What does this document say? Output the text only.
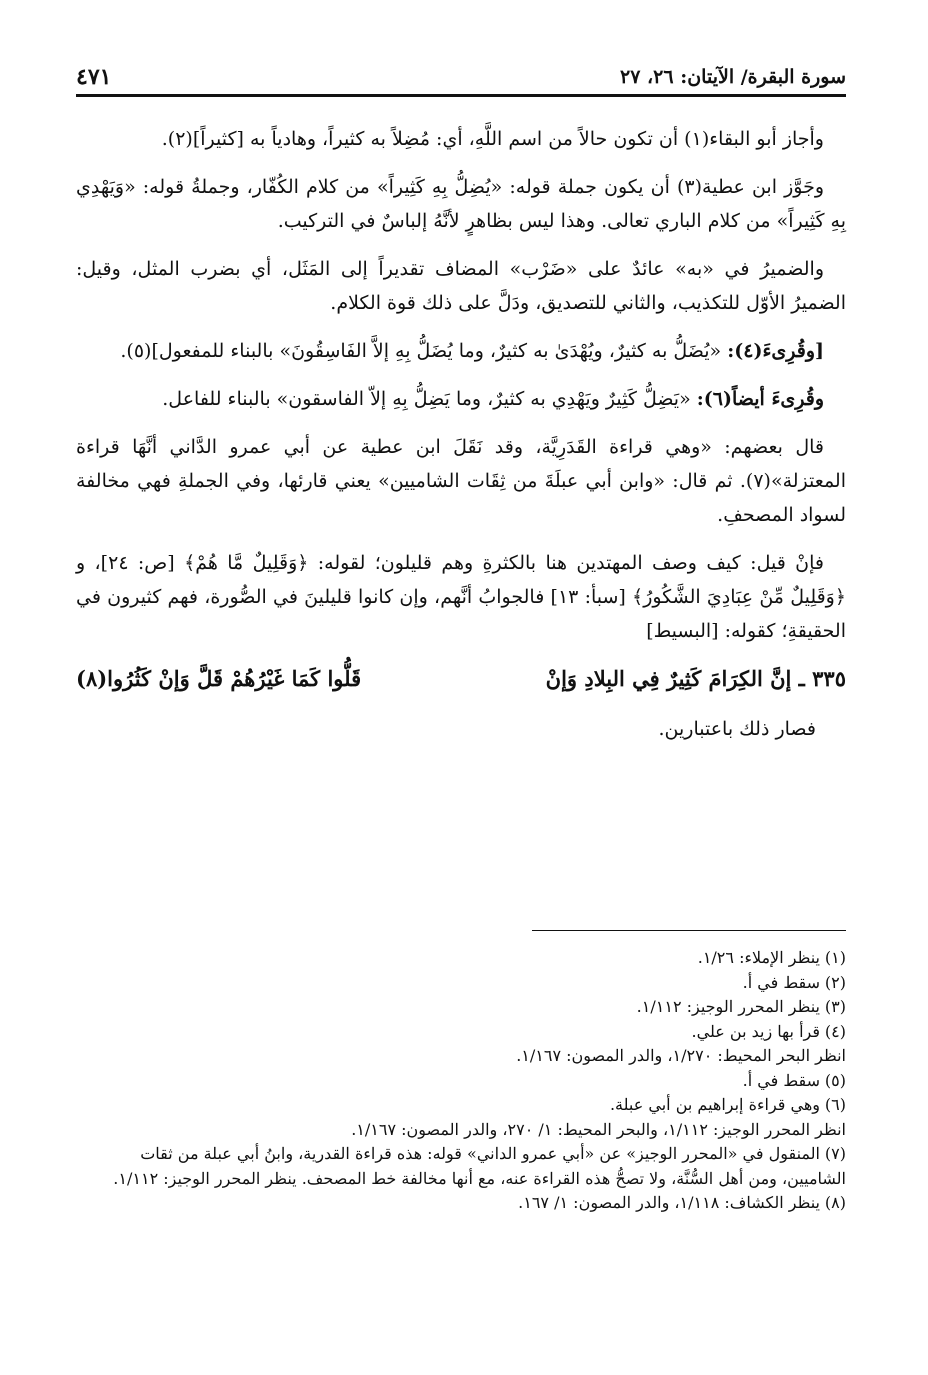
٤٧١	سورة البقرة/ الآيتان: ٢٦، ٢٧

وأجاز أبو البقاء(١) أن تكون حالاً من اسم اللَّهِ، أي: مُضِلاً به كثيراً، وهادياً به [كثيراً](٢).

وجَوَّز ابن عطية(٣) أن يكون جملة قوله: «يُضِلُّ بِهِ كَثِيراً» من كلام الكُفّار، وجملةُ قوله: «وَيَهْدِي بِهِ كَثِيراً» من كلام الباري تعالى. وهذا ليس بظاهرٍ لأنَّهُ إلباسٌ في التركيب.

والضميرُ في «به» عائدٌ على «ضَرْب» المضاف تقديراً إلى المَثَل، أي بضرب المثل، وقيل: الضميرُ الأوّل للتكذيب، والثاني للتصديق، ودَلَّ على ذلك قوة الكلام.

[وقُرِىءَ(٤): «يُضَلُّ به كثيرٌ، ويُهْدَىٰ به كثيرٌ، وما يُضَلُّ بِهِ إلاَّ الفَاسِقُونَ» بالبناء للمفعول](٥).

وقُرِىءَ أيضاً(٦): «يَضِلُّ كَثِيرٌ ويَهْدِي به كثيرٌ، وما يَضِلُّ بِهِ إلاّ الفاسقون» بالبناء للفاعل.

قال بعضهم: «وهي قراءة القَدَرِيَّة، وقد نَقَلَ ابن عطية عن أبي عمرو الدَّاني أنَّهَا قراءة المعتزلة»(٧). ثم قال: «وابن أبي عبلَةَ من ثِقَات الشاميين» يعني قارئها، وفي الجملةِ فهي مخالفة لسواد المصحفِ.

فإنْ قيل: كيف وصف المهتدين هنا بالكثرةِ وهم قليلون؛ لقوله: ﴿وَقَلِيلٌ مَّا هُمْ﴾ [ص: ٢٤]، و ﴿وَقَلِيلٌ مِّنْ عِبَادِيَ الشَّكُورُ﴾ [سبأ: ١٣] فالجوابُ أنَّهم، وإن كانوا قليلينَ في الصُّورة، فهم كثيرون في الحقيقةِ؛ كقوله: [البسيط]

٣٣٥ ـ إنَّ الكِرَامَ كَثِيرٌ فِي البِلادِ وَإنْ
قَلُّوا كَمَا غَيْرُهُمْ قَلَّ وَإنْ كَثُرُوا(٨)

فصار ذلك باعتبارين.

(١)ينظر الإملاء: ١/٢٦.

(٢)سقط في أ.

(٣)ينظر المحرر الوجيز: ١/١١٢.

(٤)قرأ بها زيد بن علي.

انظر البحر المحيط: ١/٢٧٠، والدر المصون: ١/١٦٧.

(٥)سقط في أ.

(٦)وهي قراءة إبراهيم بن أبي عبلة.

انظر المحرر الوجيز: ١/١١٢، والبحر المحيط: ١/ ٢٧٠، والدر المصون: ١/١٦٧.

(٧)المنقول في «المحرر الوجيز» عن «أبي عمرو الداني» قوله: هذه قراءة القدرية، وابنُ أبي عبلة من ثقات الشاميين، ومن أهل السُّنَّة، ولا تصحُّ هذه القراءة عنه، مع أنها مخالفة خط المصحف. ينظر المحرر الوجيز: ١/١١٢.

(٨)ينظر الكشاف: ١/١١٨، والدر المصون: ١/ ١٦٧.
